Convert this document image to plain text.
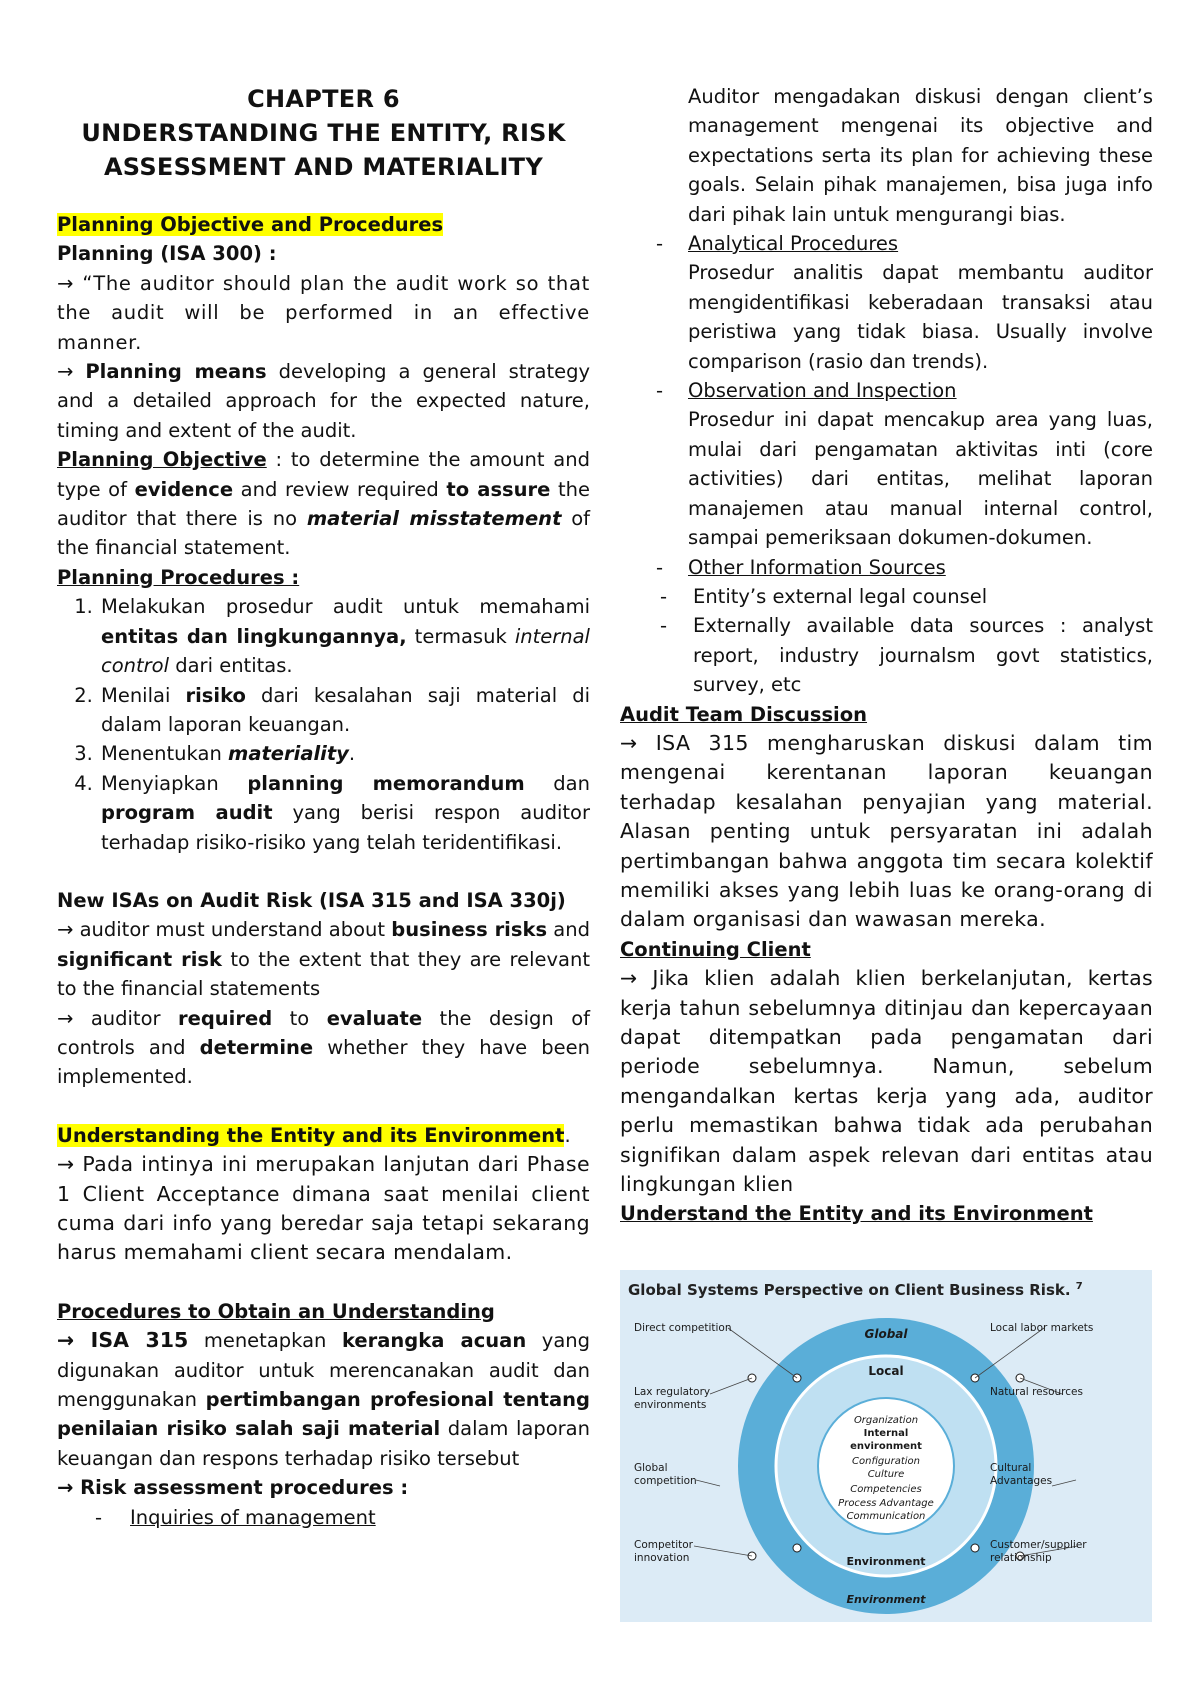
CHAPTER 6
UNDERSTANDING THE ENTITY, RISK
ASSESSMENT AND MATERIALITY

Planning Objective and Procedures

Planning (ISA 300) :

→ “The auditor should plan the audit work so that the audit will be performed in an effective manner.

→ Planning means developing a general strategy and a detailed approach for the expected nature, timing and extent of the audit.

Planning Objective : to determine the amount and type of evidence and review required to assure the auditor that there is no material misstatement of the financial statement.

Planning Procedures :

1. Melakukan prosedur audit untuk memahami entitas dan lingkungannya, termasuk internal control dari entitas.
2. Menilai risiko dari kesalahan saji material di dalam laporan keuangan.
3. Menentukan materiality.
4. Menyiapkan planning memorandum dan program audit yang berisi respon auditor terhadap risiko-risiko yang telah teridentifikasi.

New ISAs on Audit Risk (ISA 315 and ISA 330j)

→ auditor must understand about business risks and significant risk to the extent that they are relevant to the financial statements

→ auditor required to evaluate the design of controls and determine whether they have been implemented.

Understanding the Entity and its Environment.

→ Pada intinya ini merupakan lanjutan dari Phase 1 Client Acceptance dimana saat menilai client cuma dari info yang beredar saja tetapi sekarang harus memahami client secara mendalam.

Procedures to Obtain an Understanding

→ ISA 315 menetapkan kerangka acuan yang digunakan auditor untuk merencanakan audit dan menggunakan pertimbangan profesional tentang penilaian risiko salah saji material dalam laporan keuangan dan respons terhadap risiko tersebut

→ Risk assessment procedures :

- Inquiries of management

Auditor mengadakan diskusi dengan client’s management mengenai its objective and expectations serta its plan for achieving these goals. Selain pihak manajemen, bisa juga info dari pihak lain untuk mengurangi bias.

- Analytical Procedures

Prosedur analitis dapat membantu auditor mengidentifikasi keberadaan transaksi atau peristiwa yang tidak biasa. Usually involve comparison (rasio dan trends).

- Observation and Inspection

Prosedur ini dapat mencakup area yang luas, mulai dari pengamatan aktivitas inti (core activities) dari entitas, melihat laporan manajemen atau manual internal control, sampai pemeriksaan dokumen-dokumen.

- Other Information Sources
- Entity’s external legal counsel
- Externally available data sources : analyst report, industry journalsm govt statistics, survey, etc

Audit Team Discussion

→ ISA 315 mengharuskan diskusi dalam tim mengenai kerentanan laporan keuangan terhadap kesalahan penyajian yang material. Alasan penting untuk persyaratan ini adalah pertimbangan bahwa anggota tim secara kolektif memiliki akses yang lebih luas ke orang-orang di dalam organisasi dan wawasan mereka.

Continuing Client

→ Jika klien adalah klien berkelanjutan, kertas kerja tahun sebelumnya ditinjau dan kepercayaan dapat ditempatkan pada pengamatan dari periode sebelumnya. Namun, sebelum mengandalkan kertas kerja yang ada, auditor perlu memastikan bahwa tidak ada perubahan signifikan dalam aspek relevan dari entitas atau lingkungan klien

Understand the Entity and its Environment

Global Systems Perspective on Client Business Risk. $^7$
Global
Local
Environment
Environment
Organization
Internal
environment
Configuration
Culture
Competencies
Process Advantage
Communication
Direct competition
Lax regulatory
environments
Global
competition
Competitor
innovation
Local labor markets
Natural resources
Cultural
Advantages
Customer/supplier
relationship
